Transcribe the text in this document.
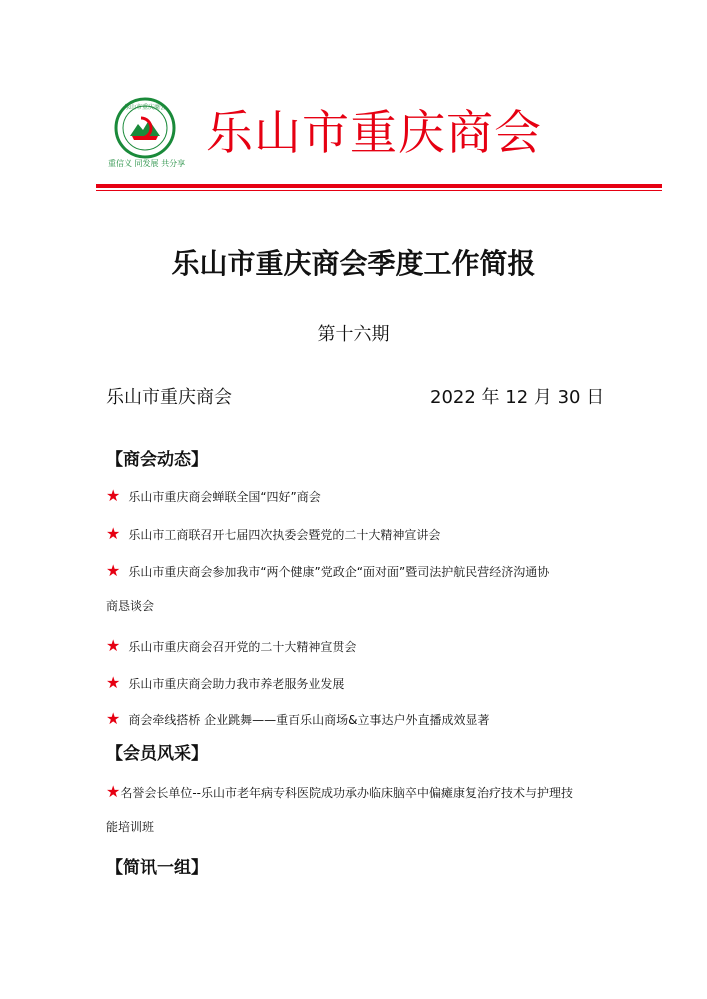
乐山市重庆商会
重信义 同发展 共分享
乐山市重庆商会
乐山市重庆商会季度工作简报
第十六期
乐山市重庆商会	2022 年 12 月 30 日
【商会动态】
★ 乐山市重庆商会蝉联全国“四好”商会
★ 乐山市工商联召开七届四次执委会暨党的二十大精神宣讲会
★ 乐山市重庆商会参加我市“两个健康”党政企“面对面”暨司法护航民营经济沟通协
商恳谈会
★ 乐山市重庆商会召开党的二十大精神宣贯会
★ 乐山市重庆商会助力我市养老服务业发展
★ 商会牵线搭桥 企业跳舞——重百乐山商场&立事达户外直播成效显著
【会员风采】
★名誉会长单位--乐山市老年病专科医院成功承办临床脑卒中偏瘫康复治疗技术与护理技
能培训班
【简讯一组】
